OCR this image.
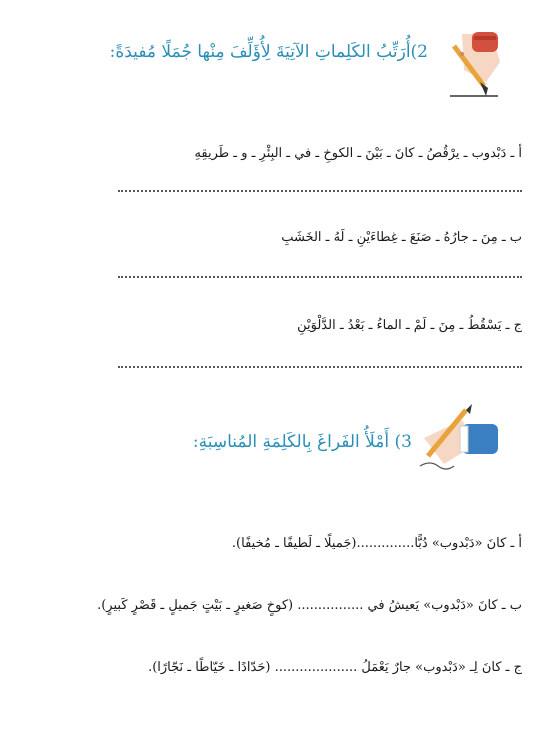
2)أُرَتِّبُ الكَلِماتِ الآتِيَةَ لِأُؤَلِّفَ مِنْها جُمَلًا مُفيدَةً:
أ ـ دَبْدوب ـ يرْقُصُ ـ كانَ ـ بَيْنَ ـ الكوخِ ـ في ـ البِئْرِ ـ و ـ طَريقِهِ
ب ـ مِنَ ـ جارُهُ ـ صَنَعَ ـ غِطاءَيْنِ ـ لَهُ ـ الخَشَبِ
ج ـ يَسْقُطُ ـ مِنَ ـ لَمْ ـ الماءُ ـ بَعْدُ ـ الدَّلْوَيْنِ
3) أَمْلَأُ الفَراغَ بِالكَلِمَةِ المُناسِبَةِ:
أ ـ كانَ «دَبْدوب» دُبًّا..............(جَميلًا ـ لَطيفًا ـ مُخيفًا).
ب ـ كانَ «دَبْدوب» يَعيشُ في ................ (كوخٍ صَغيرٍ ـ بَيْتٍ جَميلٍ ـ قَصْرٍ كَبيرٍ).
ج ـ كانَ لِـ «دَبْدوب» جارٌ يَعْمَلُ .................... (حَدّادًا ـ خَيّاطًا ـ نَجّارًا).
